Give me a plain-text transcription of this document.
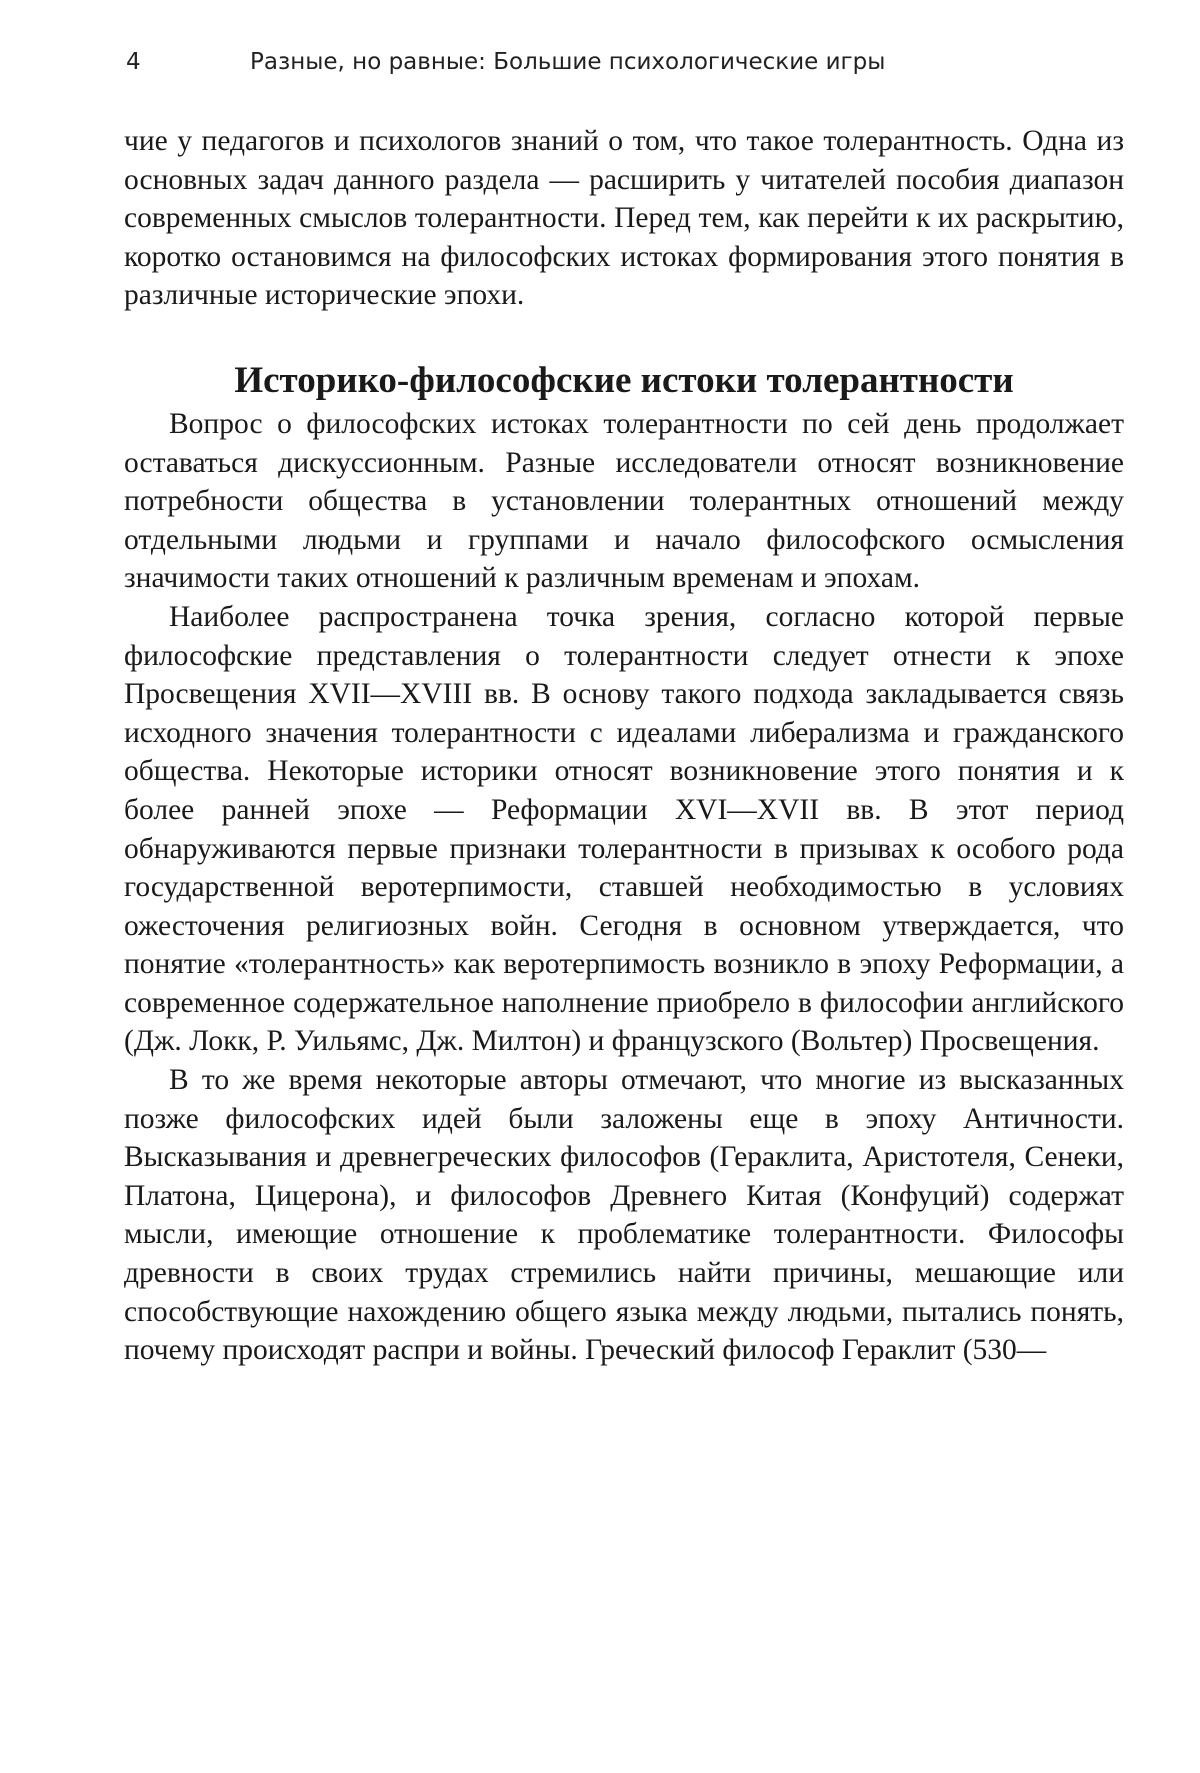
4	Разные, но равные: Большие психологические игры

чие у педагогов и психологов знаний о том, что такое толерантность. Одна из основных задач данного раздела — расширить у читателей пособия диапазон современных смыслов толерантности. Перед тем, как перейти к их раскрытию, коротко остановимся на философских истоках формирования этого понятия в различные исторические эпохи.

Историко-философские истоки толерантности

Вопрос о философских истоках толерантности по сей день продолжает оставаться дискуссионным. Разные исследователи относят возникновение потребности общества в установлении толерантных отношений между отдельными людьми и группами и начало философского осмысления значимости таких отношений к различным временам и эпохам.

Наиболее распространена точка зрения, согласно которой первые философские представления о толерантности следует отнести к эпохе Просвещения XVII—XVIII вв. В основу такого подхода закладывается связь исходного значения толерантности с идеалами либерализма и гражданского общества. Некоторые историки относят возникновение этого понятия и к более ранней эпохе — Реформации XVI—XVII вв. В этот период обнаруживаются первые признаки толерантности в призывах к особого рода государственной веротерпимости, ставшей необходимостью в условиях ожесточения религиозных войн. Сегодня в основном утверждается, что понятие «толерантность» как веротерпимость возникло в эпоху Реформации, а современное содержательное наполнение приобрело в философии английского (Дж. Локк, Р. Уильямс, Дж. Милтон) и французского (Вольтер) Просвещения.

В то же время некоторые авторы отмечают, что многие из высказанных позже философских идей были заложены еще в эпоху Античности. Высказывания и древнегреческих философов (Гераклита, Аристотеля, Сенеки, Платона, Цицерона), и философов Древнего Китая (Конфуций) содержат мысли, имеющие отношение к проблематике толерантности. Философы древности в своих трудах стремились найти причины, мешающие или способствующие нахождению общего языка между людьми, пытались понять, почему происходят распри и войны. Греческий философ Гераклит (530—
